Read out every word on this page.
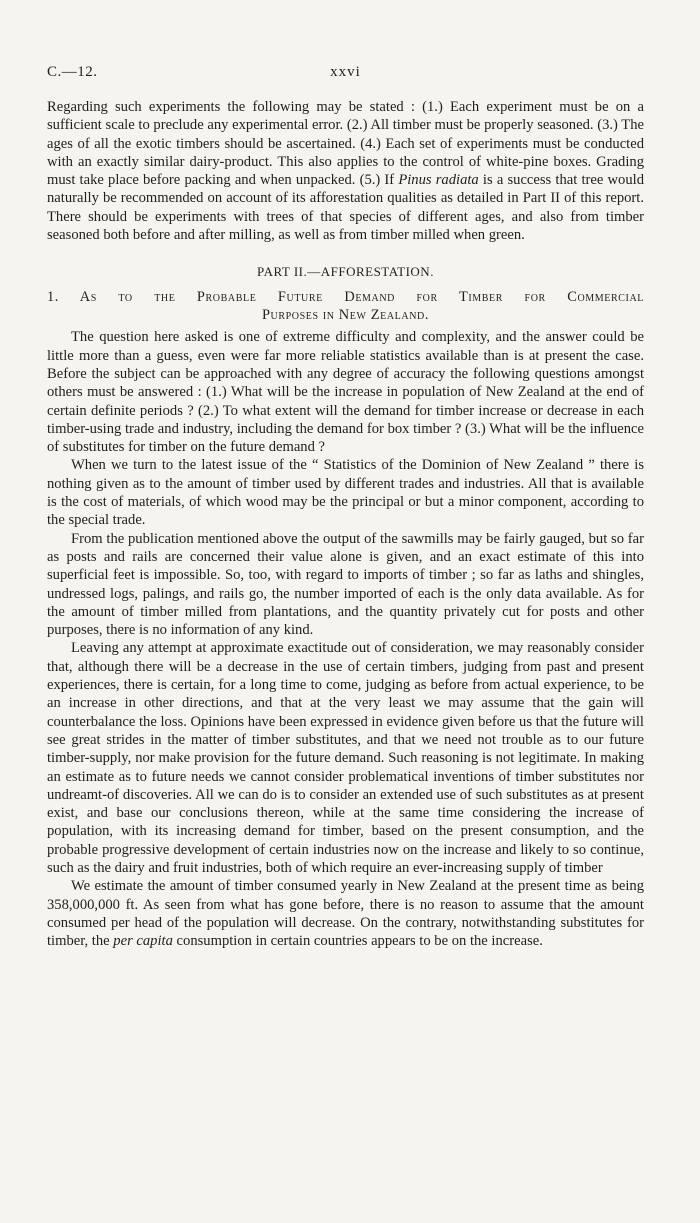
C.—12.	xxvi

Regarding such experiments the following may be stated : (1.) Each experiment must be on a sufficient scale to preclude any experimental error. (2.) All timber must be properly seasoned. (3.) The ages of all the exotic timbers should be ascertained. (4.) Each set of experiments must be conducted with an exactly similar dairy-product. This also applies to the control of white-pine boxes. Grading must take place before packing and when unpacked. (5.) If Pinus radiata is a success that tree would naturally be recommended on account of its afforestation qualities as detailed in Part II of this report. There should be experiments with trees of that species of different ages, and also from timber seasoned both before and after milling, as well as from timber milled when green.

PART II.—AFFORESTATION.
1. As to the Probable Future Demand for Timber for Commercial
Purposes in New Zealand.

The question here asked is one of extreme difficulty and complexity, and the answer could be little more than a guess, even were far more reliable statistics available than is at present the case. Before the subject can be approached with any degree of accuracy the following questions amongst others must be answered : (1.) What will be the increase in population of New Zealand at the end of certain definite periods ? (2.) To what extent will the demand for timber increase or decrease in each timber-using trade and industry, including the demand for box timber ? (3.) What will be the influence of substitutes for timber on the future demand ?

When we turn to the latest issue of the “ Statistics of the Dominion of New Zealand ” there is nothing given as to the amount of timber used by different trades and industries. All that is available is the cost of materials, of which wood may be the principal or but a minor component, according to the special trade.

From the publication mentioned above the output of the sawmills may be fairly gauged, but so far as posts and rails are concerned their value alone is given, and an exact estimate of this into superficial feet is impossible. So, too, with regard to imports of timber ; so far as laths and shingles, undressed logs, palings, and rails go, the number imported of each is the only data available. As for the amount of timber milled from plantations, and the quantity privately cut for posts and other purposes, there is no information of any kind.

Leaving any attempt at approximate exactitude out of consideration, we may reasonably consider that, although there will be a decrease in the use of certain timbers, judging from past and present experiences, there is certain, for a long time to come, judging as before from actual experience, to be an increase in other directions, and that at the very least we may assume that the gain will counterbalance the loss. Opinions have been expressed in evidence given before us that the future will see great strides in the matter of timber substitutes, and that we need not trouble as to our future timber-supply, nor make provision for the future demand. Such reasoning is not legitimate. In making an estimate as to future needs we cannot consider problematical inventions of timber substitutes nor undreamt-of discoveries. All we can do is to consider an extended use of such substitutes as at present exist, and base our conclusions thereon, while at the same time considering the increase of population, with its increasing demand for timber, based on the present consumption, and the probable progressive development of certain industries now on the increase and likely to so continue, such as the dairy and fruit industries, both of which require an ever-increasing supply of timber

We estimate the amount of timber consumed yearly in New Zealand at the present time as being 358,000,000 ft. As seen from what has gone before, there is no reason to assume that the amount consumed per head of the population will decrease. On the contrary, notwithstanding substitutes for timber, the per capita consumption in certain countries appears to be on the increase.
